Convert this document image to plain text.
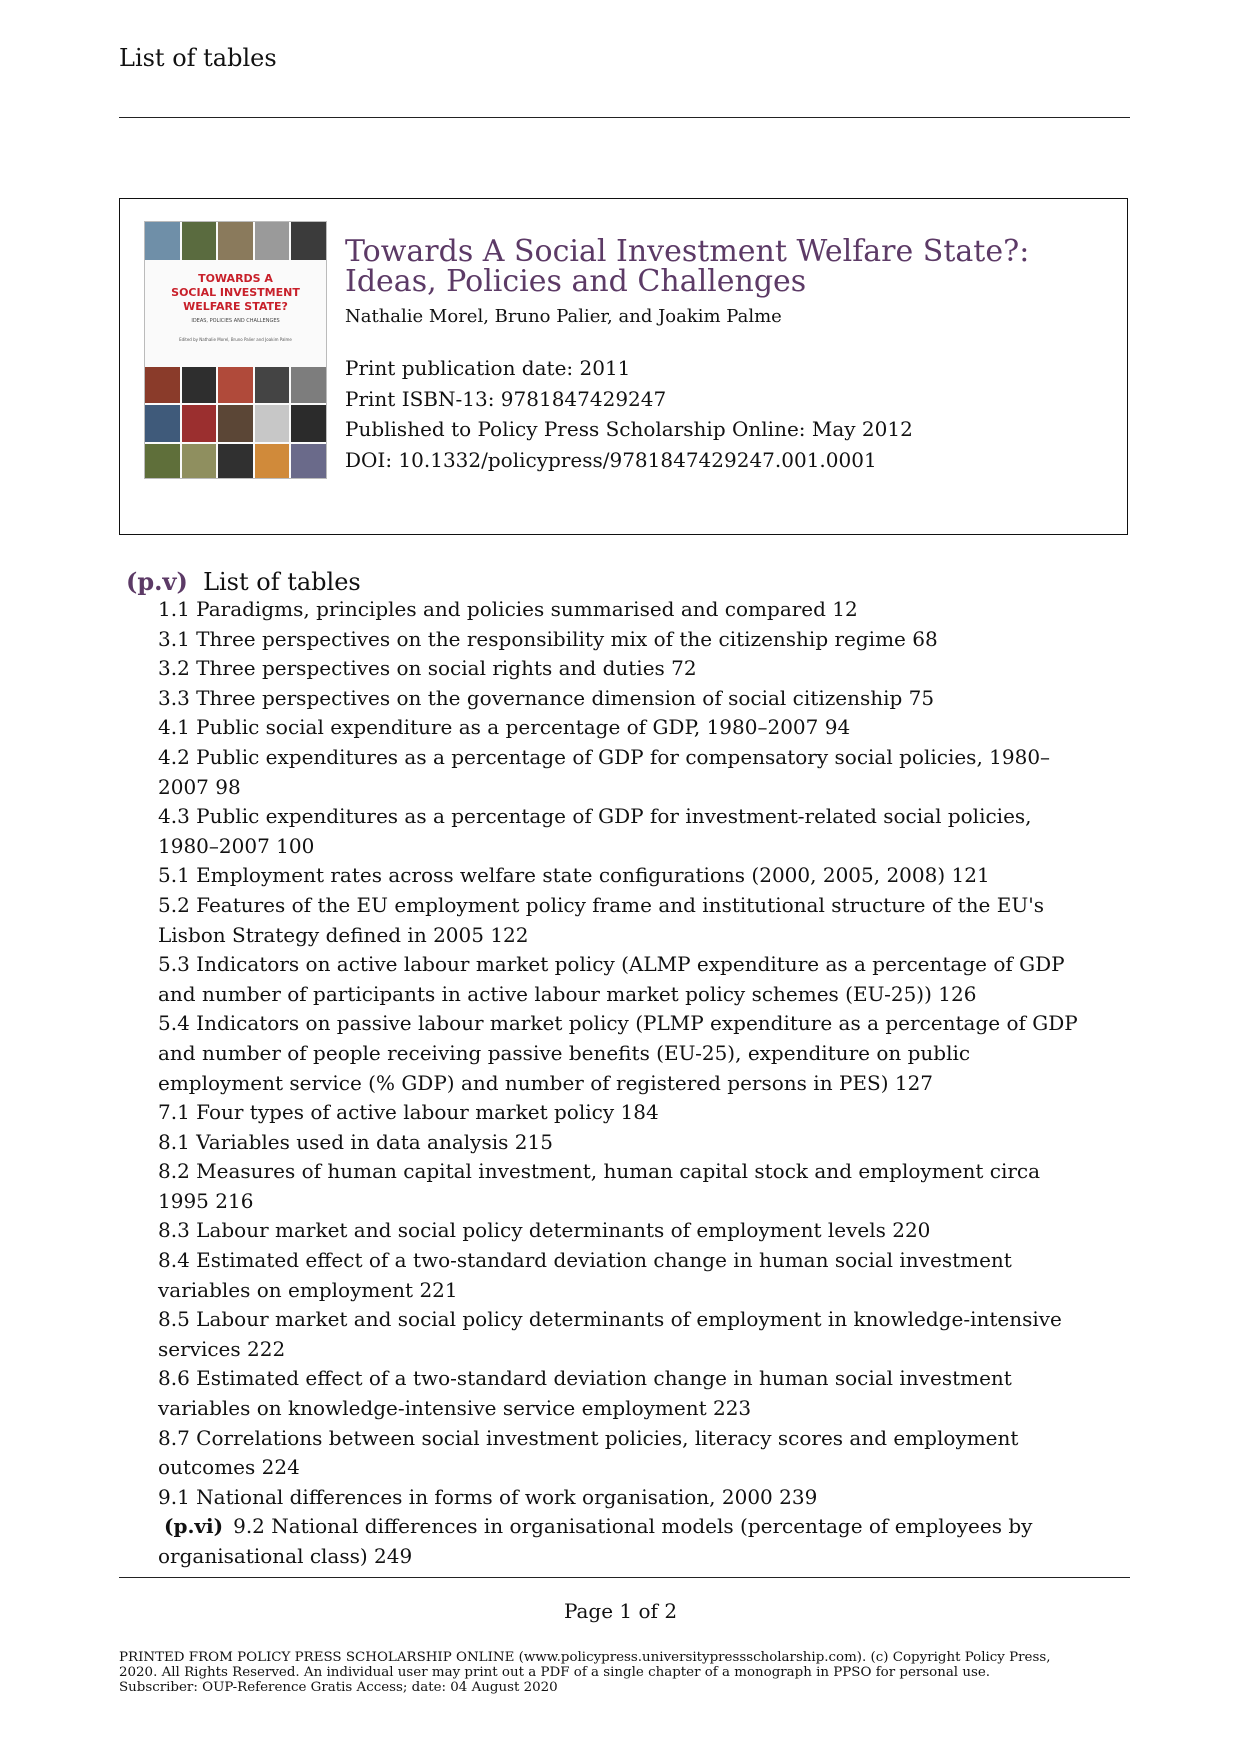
List of tables
TOWARDS A
SOCIAL INVESTMENT
WELFARE STATE?
IDEAS, POLICIES AND CHALLENGES
Edited by Nathalie Morel, Bruno Palier and Joakim Palme
Towards A Social Investment Welfare State?:
Ideas, Policies and Challenges
Nathalie Morel, Bruno Palier, and Joakim Palme
Print publication date: 2011
Print ISBN-13: 9781847429247
Published to Policy Press Scholarship Online: May 2012
DOI: 10.1332/policypress/9781847429247.001.0001
(p.v) List of tables
1.1 Paradigms, principles and policies summarised and compared 12
3.1 Three perspectives on the responsibility mix of the citizenship regime 68
3.2 Three perspectives on social rights and duties 72
3.3 Three perspectives on the governance dimension of social citizenship 75
4.1 Public social expenditure as a percentage of GDP, 1980–2007 94
4.2 Public expenditures as a percentage of GDP for compensatory social policies, 1980–2007 98
4.3 Public expenditures as a percentage of GDP for investment-related social policies, 1980–2007 100
5.1 Employment rates across welfare state configurations (2000, 2005, 2008) 121
5.2 Features of the EU employment policy frame and institutional structure of the EU's Lisbon Strategy defined in 2005 122
5.3 Indicators on active labour market policy (ALMP expenditure as a percentage of GDP and number of participants in active labour market policy schemes (EU-25)) 126
5.4 Indicators on passive labour market policy (PLMP expenditure as a percentage of GDP and number of people receiving passive benefits (EU-25), expenditure on public employment service (% GDP) and number of registered persons in PES) 127
7.1 Four types of active labour market policy 184
8.1 Variables used in data analysis 215
8.2 Measures of human capital investment, human capital stock and employment circa 1995 216
8.3 Labour market and social policy determinants of employment levels 220
8.4 Estimated effect of a two-standard deviation change in human social investment variables on employment 221
8.5 Labour market and social policy determinants of employment in knowledge-intensive services 222
8.6 Estimated effect of a two-standard deviation change in human social investment variables on knowledge-intensive service employment 223
8.7 Correlations between social investment policies, literacy scores and employment outcomes 224
9.1 National differences in forms of work organisation, 2000 239
(p.vi) 9.2 National differences in organisational models (percentage of employees by organisational class) 249
Page 1 of 2
PRINTED FROM POLICY PRESS SCHOLARSHIP ONLINE (www.policypress.universitypressscholarship.com). (c) Copyright Policy Press,
2020. All Rights Reserved. An individual user may print out a PDF of a single chapter of a monograph in PPSO for personal use.
Subscriber: OUP-Reference Gratis Access; date: 04 August 2020
